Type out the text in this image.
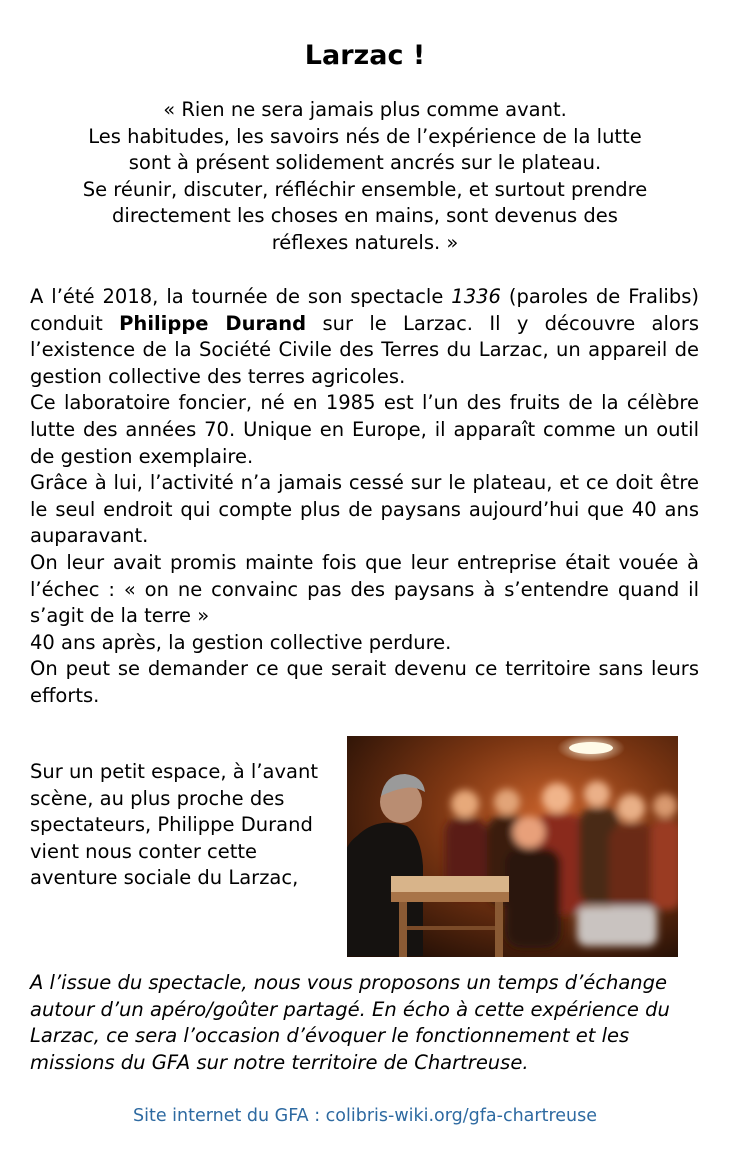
Larzac !
« Rien ne sera jamais plus comme avant.
Les habitudes, les savoirs nés de l’expérience de la lutte
sont à présent solidement ancrés sur le plateau.
Se réunir, discuter, réfléchir ensemble, et surtout prendre
directement les choses en mains, sont devenus des
réflexes naturels. »

A l’été 2018, la tournée de son spectacle 1336 (paroles de Fralibs) conduit Philippe Durand sur le Larzac. Il y découvre alors l’existence de la Société Civile des Terres du Larzac, un appareil de gestion collective des terres agricoles.

Ce laboratoire foncier, né en 1985 est l’un des fruits de la célèbre lutte des années 70. Unique en Europe, il apparaît comme un outil de gestion exemplaire.

Grâce à lui, l’activité n’a jamais cessé sur le plateau, et ce doit être le seul endroit qui compte plus de paysans aujourd’hui que 40 ans auparavant.

On leur avait promis mainte fois que leur entreprise était vouée à l’échec : « on ne convainc pas des paysans à s’entendre quand il s’agit de la terre »

40 ans après, la gestion collective perdure.

On peut se demander ce que serait devenu ce territoire sans leurs efforts.

Sur un petit espace, à l’avant scène, au plus proche des spectateurs, Philippe Durand vient nous conter cette aventure sociale du Larzac,

A l’issue du spectacle, nous vous proposons un temps d’échange autour d’un apéro/goûter partagé. En écho à cette expérience du Larzac, ce sera l’occasion d’évoquer le fonctionnement et les missions du GFA sur notre territoire de Chartreuse.

Site internet du GFA : colibris-wiki.org/gfa-chartreuse
